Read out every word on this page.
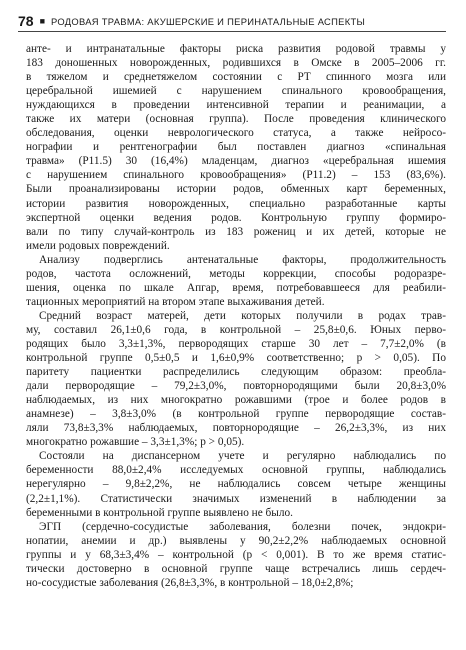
78 ■ РОДОВАЯ ТРАВМА: АКУШЕРСКИЕ И ПЕРИНАТАЛЬНЫЕ АСПЕКТЫ
анте- и интранатальные факторы риска развития родовой травмы у
183 доношенных новорожденных, родившихся в Омске в 2005–2006 гг.
в тяжелом и среднетяжелом состоянии с РТ спинного мозга или
церебральной ишемией с нарушением спинального кровообращения,
нуждающихся в проведении интенсивной терапии и реанимации, а
также их матери (основная группа). После проведения клинического
обследования, оценки неврологического статуса, а также нейросо-
нографии и рентгенографии был поставлен диагноз «спинальная
травма» (Р11.5) 30 (16,4%) младенцам, диагноз «церебральная ишемия
с нарушением спинального кровообращения» (Р11.2) – 153 (83,6%).
Были проанализированы истории родов, обменных карт беременных,
истории развития новорожденных, специально разработанные карты
экспертной оценки ведения родов. Контрольную группу формиро-
вали по типу случай-контроль из 183 рожениц и их детей, которые не
имели родовых повреждений.
Анализу подверглись антенатальные факторы, продолжительность
родов, частота осложнений, методы коррекции, способы родоразре-
шения, оценка по шкале Апгар, время, потребовавшееся для реабили-
тационных мероприятий на втором этапе выхаживания детей.
Средний возраст матерей, дети которых получили в родах трав-
му, составил 26,1±0,6 года, в контрольной – 25,8±0,6. Юных перво-
родящих было 3,3±1,3%, первородящих старше 30 лет – 7,7±2,0% (в
контрольной группе 0,5±0,5 и 1,6±0,9% соответственно; p > 0,05). По
паритету пациентки распределились следующим образом: преобла-
дали первородящие – 79,2±3,0%, повторнородящими были 20,8±3,0%
наблюдаемых, из них многократно рожавшими (трое и более родов в
анамнезе) – 3,8±3,0% (в контрольной группе первородящие состав-
ляли 73,8±3,3% наблюдаемых, повторнородящие – 26,2±3,3%, из них
многократно рожавшие – 3,3±1,3%; p > 0,05).
Состояли на диспансерном учете и регулярно наблюдались по
беременности 88,0±2,4% исследуемых основной группы, наблюдались
нерегулярно – 9,8±2,2%, не наблюдались совсем четыре женщины
(2,2±1,1%). Статистически значимых изменений в наблюдении за
беременными в контрольной группе выявлено не было.
ЭГП (сердечно-сосудистые заболевания, болезни почек, эндокри-
нопатии, анемии и др.) выявлены у 90,2±2,2% наблюдаемых основной
группы и у 68,3±3,4% – контрольной (p < 0,001). В то же время статис-
тически достоверно в основной группе чаще встречались лишь сердеч-
но-сосудистые заболевания (26,8±3,3%, в контрольной – 18,0±2,8%;
